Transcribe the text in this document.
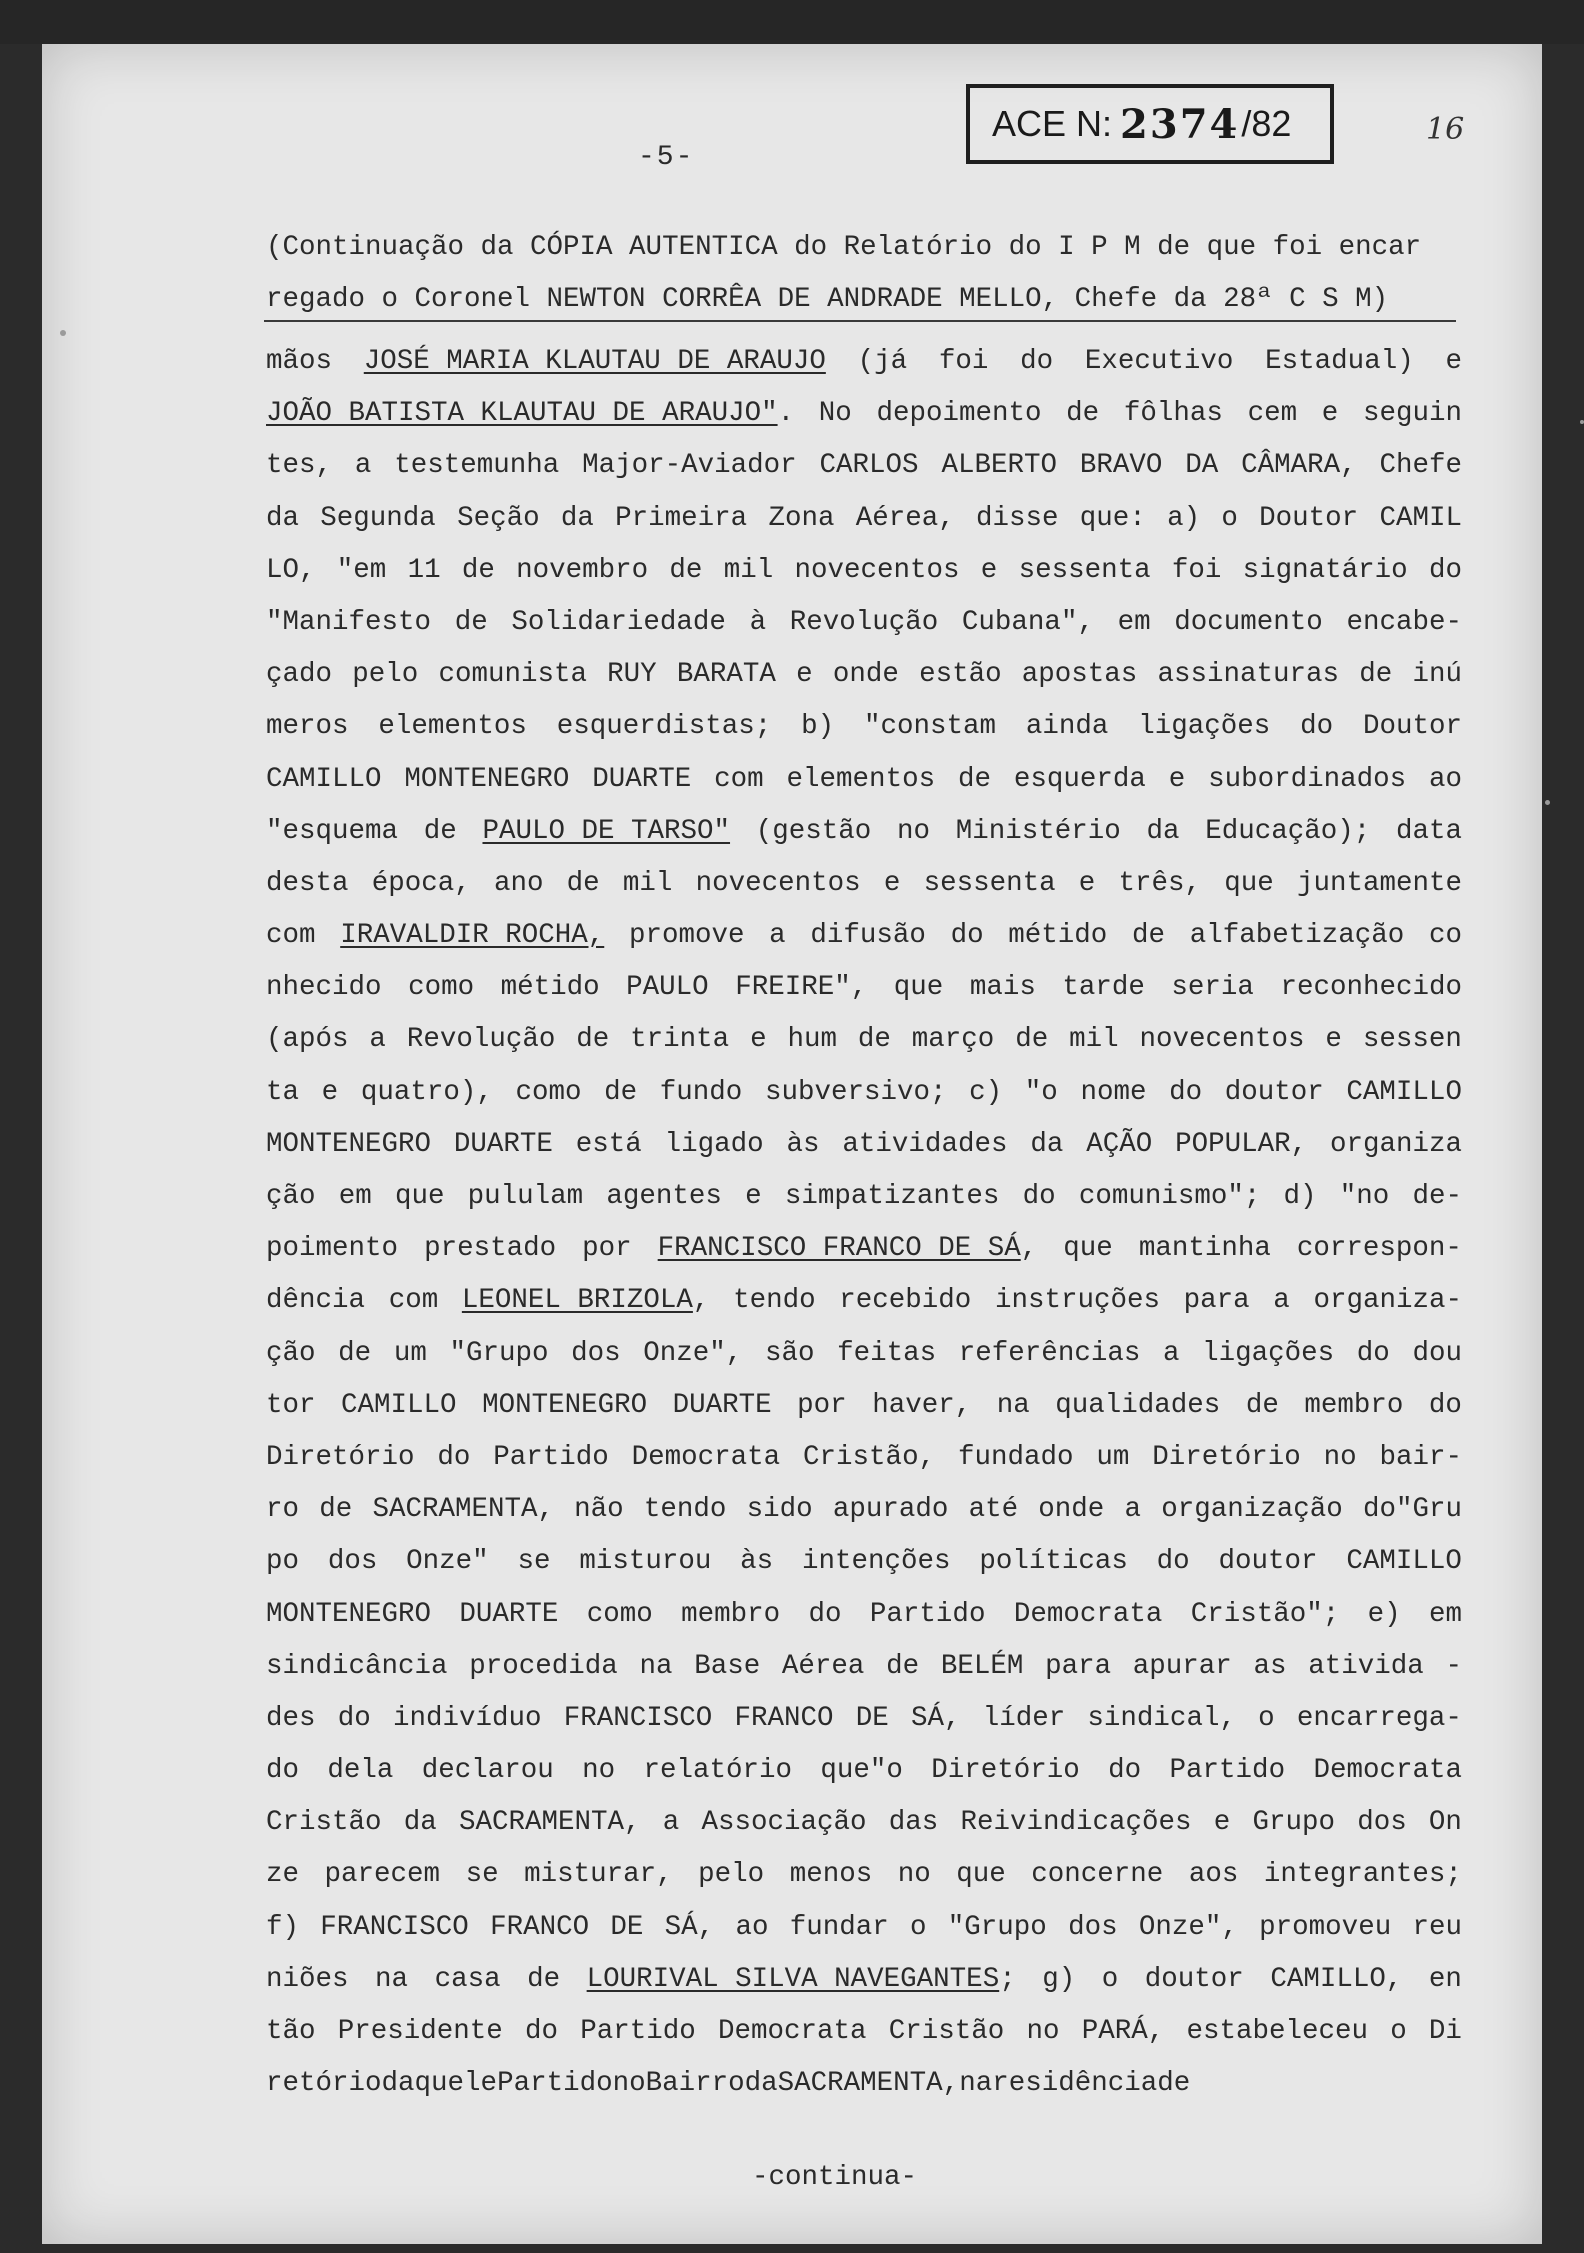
-5-
ACE N: 2374 /82	16
(Continuação da CÓPIA AUTENTICA do Relatório do I P M de que foi encar
regado o Coronel NEWTON CORRÊA DE ANDRADE MELLO, Chefe da 28ª C S M)
mãos JOSÉ MARIA KLAUTAU DE ARAUJO (já foi do Executivo Estadual) e
JOÃO BATISTA KLAUTAU DE ARAUJO". No depoimento de fôlhas cem e seguin
tes, a testemunha Major-Aviador CARLOS ALBERTO BRAVO DA CÂMARA, Chefe
da Segunda Seção da Primeira Zona Aérea, disse que: a) o Doutor CAMIL
LO, "em 11 de novembro de mil novecentos e sessenta foi signatário do
"Manifesto de Solidariedade à Revolução Cubana", em documento encabe-
çado pelo comunista RUY BARATA e onde estão apostas assinaturas de inú
meros elementos esquerdistas; b) "constam ainda ligações do Doutor
CAMILLO MONTENEGRO DUARTE com elementos de esquerda e subordinados ao
"esquema de PAULO DE TARSO" (gestão no Ministério da Educação); data
desta época, ano de mil novecentos e sessenta e três, que juntamente
com IRAVALDIR ROCHA, promove a difusão do métido de alfabetização co
nhecido como métido PAULO FREIRE", que mais tarde seria reconhecido
(após a Revolução de trinta e hum de março de mil novecentos e sessen
ta e quatro), como de fundo subversivo; c) "o nome do doutor CAMILLO
MONTENEGRO DUARTE está ligado às atividades da AÇÃO POPULAR, organiza
ção em que pululam agentes e simpatizantes do comunismo"; d) "no de-
poimento prestado por FRANCISCO FRANCO DE SÁ, que mantinha correspon-
dência com LEONEL BRIZOLA, tendo recebido instruções para a organiza-
ção de um "Grupo dos Onze", são feitas referências a ligações do dou
tor CAMILLO MONTENEGRO DUARTE por haver, na qualidades de membro do
Diretório do Partido Democrata Cristão, fundado um Diretório no bair-
ro de SACRAMENTA, não tendo sido apurado até onde a organização do"Gru
po dos Onze" se misturou às intenções políticas do doutor CAMILLO
MONTENEGRO DUARTE como membro do Partido Democrata Cristão"; e) em
sindicância procedida na Base Aérea de BELÉM para apurar as ativida -
des do indivíduo FRANCISCO FRANCO DE SÁ, líder sindical, o encarrega-
do dela declarou no relatório que"o Diretório do Partido Democrata
Cristão da SACRAMENTA, a Associação das Reivindicações e Grupo dos On
ze parecem se misturar, pelo menos no que concerne aos integrantes;
f) FRANCISCO FRANCO DE SÁ, ao fundar o "Grupo dos Onze", promoveu reu
niões na casa de LOURIVAL SILVA NAVEGANTES; g) o doutor CAMILLO, en
tão Presidente do Partido Democrata Cristão no PARÁ, estabeleceu o Di
retório daquele Partido no Bairro da SACRAMENTA, na residência de
-continua-
